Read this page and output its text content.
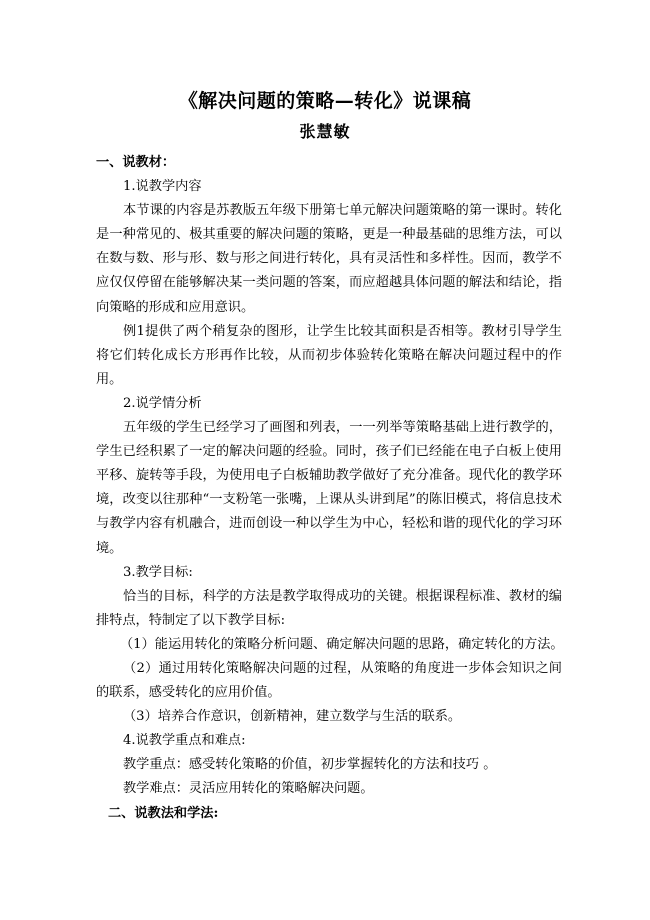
《解决问题的策略—转化》说课稿
张慧敏

一、说教材：

1.说教学内容

本节课的内容是苏教版五年级下册第七单元解决问题策略的第一课时。转化是一种常见的、极其重要的解决问题的策略，更是一种最基础的思维方法，可以在数与数、形与形、数与形之间进行转化，具有灵活性和多样性。因而，教学不应仅仅停留在能够解决某一类问题的答案，而应超越具体问题的解法和结论，指向策略的形成和应用意识。

例1提供了两个稍复杂的图形，让学生比较其面积是否相等。教材引导学生将它们转化成长方形再作比较，从而初步体验转化策略在解决问题过程中的作用。

2.说学情分析

五年级的学生已经学习了画图和列表，一一列举等策略基础上进行教学的，学生已经积累了一定的解决问题的经验。同时，孩子们已经能在电子白板上使用平移、旋转等手段，为使用电子白板辅助教学做好了充分准备。现代化的教学环境，改变以往那种“一支粉笔一张嘴，上课从头讲到尾”的陈旧模式，将信息技术与教学内容有机融合，进而创设一种以学生为中心，轻松和谐的现代化的学习环境。

3.教学目标:

恰当的目标，科学的方法是教学取得成功的关键。根据课程标准、教材的编排特点，特制定了以下教学目标:

（1）能运用转化的策略分析问题、确定解决问题的思路，确定转化的方法。

（2）通过用转化策略解决问题的过程，从策略的角度进一步体会知识之间的联系，感受转化的应用价值。

（3）培养合作意识，创新精神，建立数学与生活的联系。

4.说教学重点和难点:

教学重点：感受转化策略的价值，初步掌握转化的方法和技巧 。

教学难点：灵活应用转化的策略解决问题。

二、说教法和学法:
